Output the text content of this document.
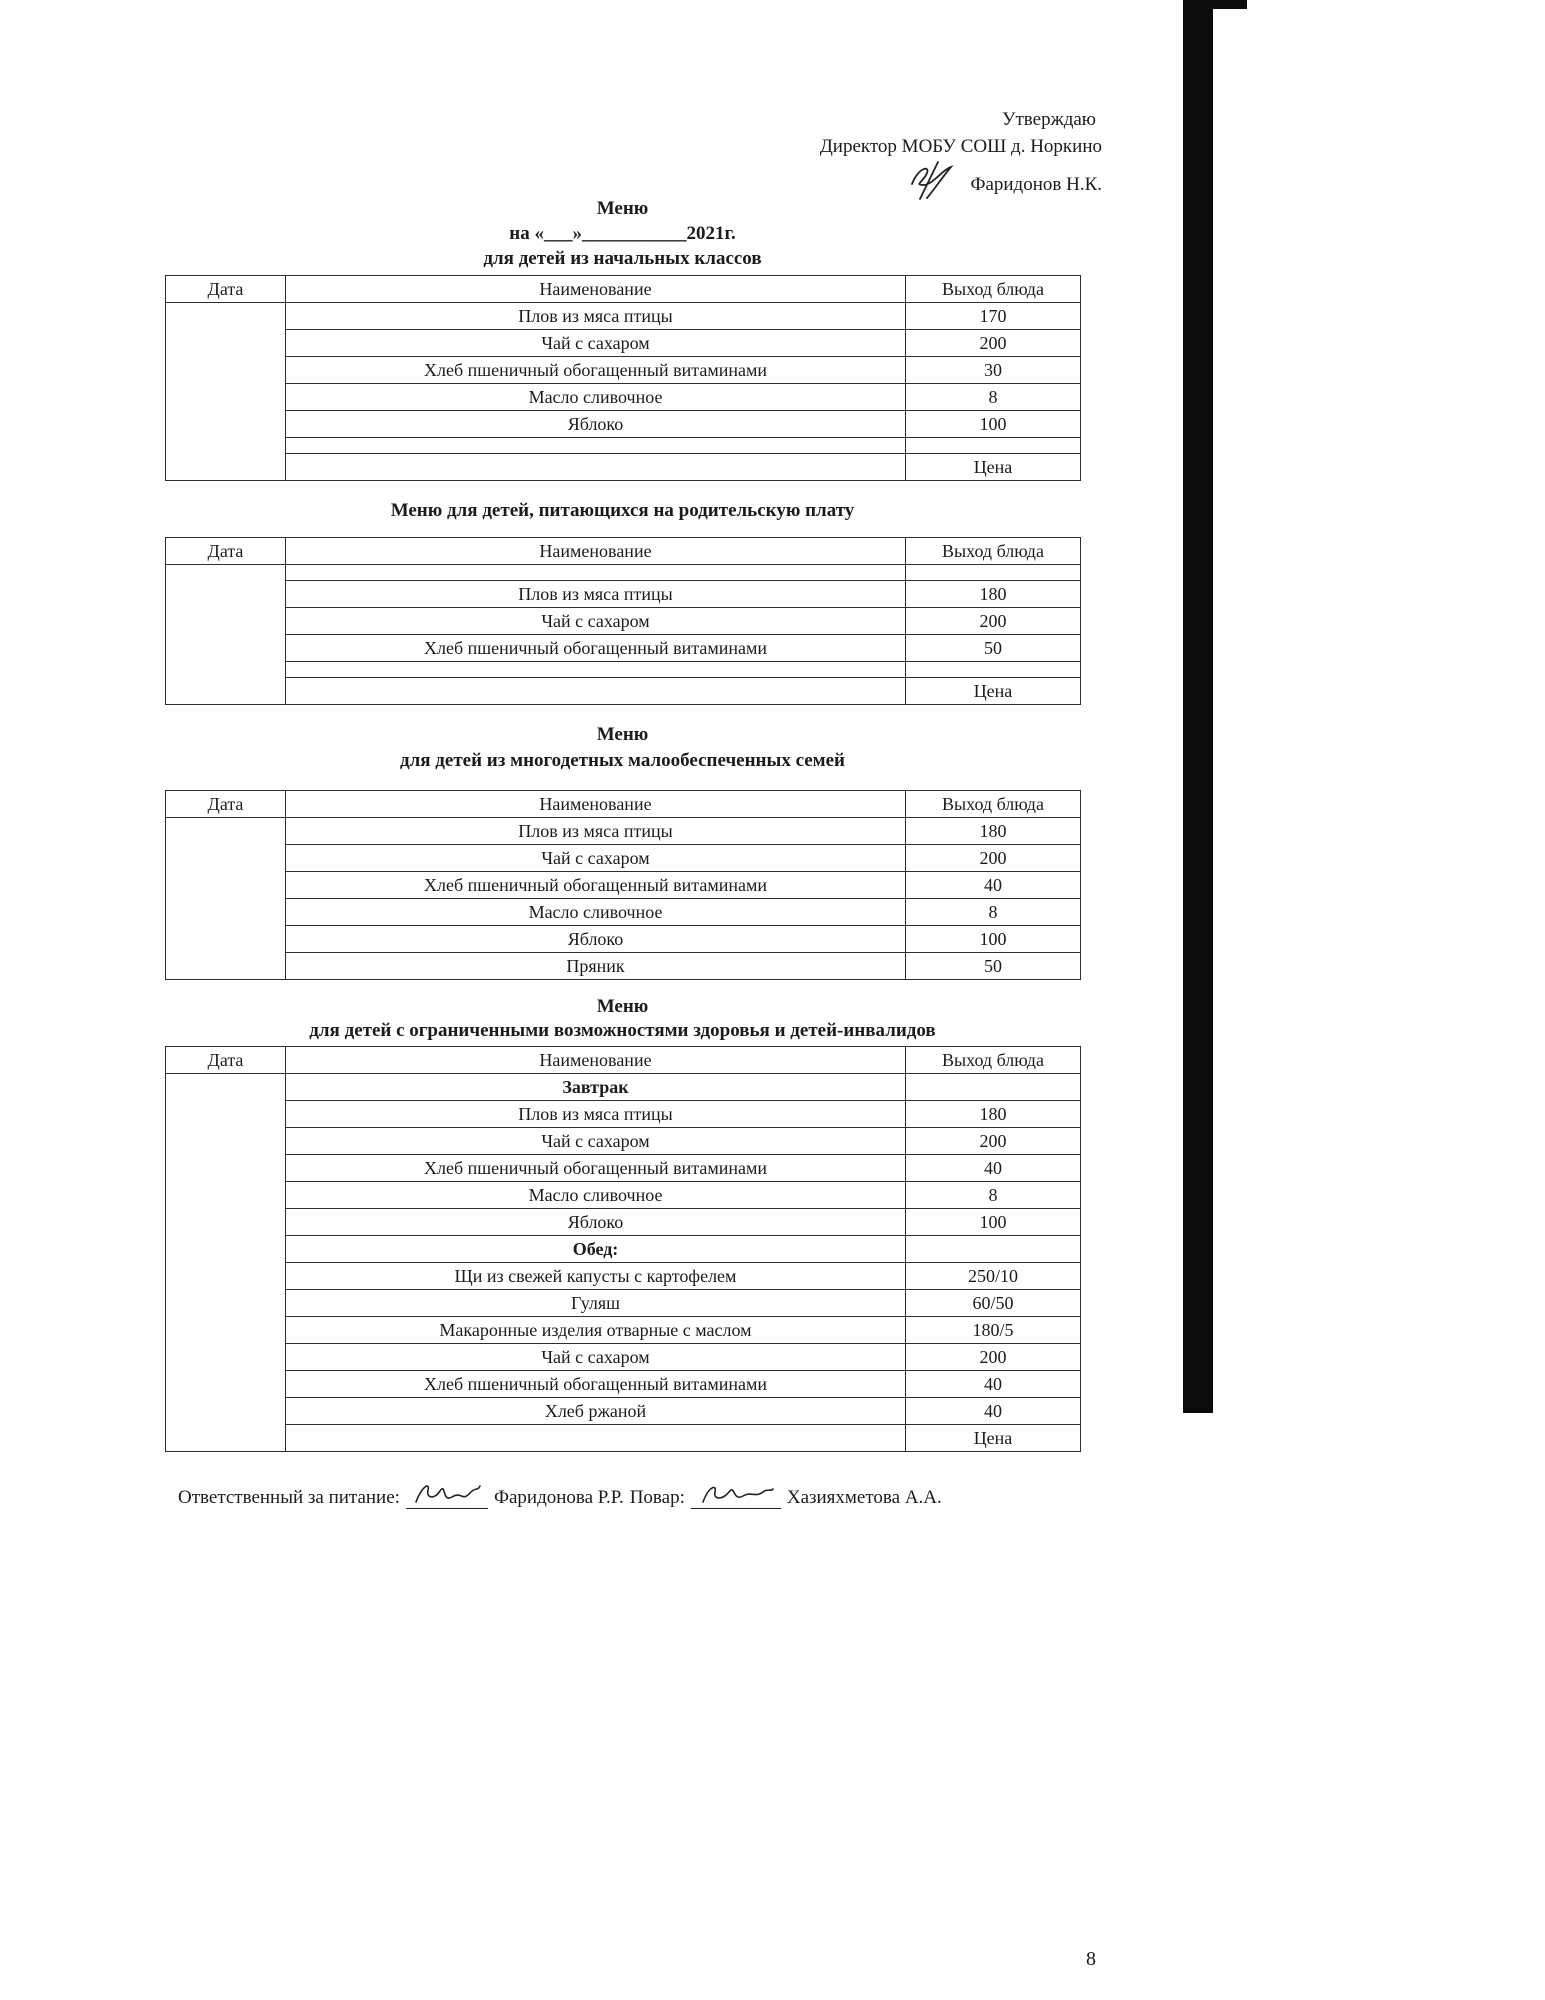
Утверждаю
Директор МОБУ СОШ д. Норкино
Фаридонов Н.К.
Меню
на «___»___________2021г.
для детей из начальных классов
Дата	Наименование	Выход блюда
	Плов из мяса птицы	170
	Чай с сахаром	200
	Хлеб пшеничный обогащенный витаминами	30
	Масло сливочное	8
	Яблоко	100

		Цена
Меню для детей, питающихся на родительскую плату
Дата	Наименование	Выход блюда

	Плов из мяса птицы	180
	Чай с сахаром	200
	Хлеб пшеничный обогащенный витаминами	50

		Цена
Меню
для детей из многодетных малообеспеченных семей
Дата	Наименование	Выход блюда
	Плов из мяса птицы	180
	Чай с сахаром	200
	Хлеб пшеничный обогащенный витаминами	40
	Масло сливочное	8
	Яблоко	100
	Пряник	50
Меню
для детей с ограниченными возможностями здоровья и детей-инвалидов
Дата	Наименование	Выход блюда
	Завтрак	
	Плов из мяса птицы	180
	Чай с сахаром	200
	Хлеб пшеничный обогащенный витаминами	40
	Масло сливочное	8
	Яблоко	100
	Обед:	
	Щи из свежей капусты с картофелем	250/10
	Гуляш	60/50
	Макаронные изделия отварные с маслом	180/5
	Чай с сахаром	200
	Хлеб пшеничный обогащенный витаминами	40
	Хлеб ржаной	40
		Цена
Ответственный за питание:	Фаридонова Р.Р. Повар:	Хазияхметова А.А.
8
